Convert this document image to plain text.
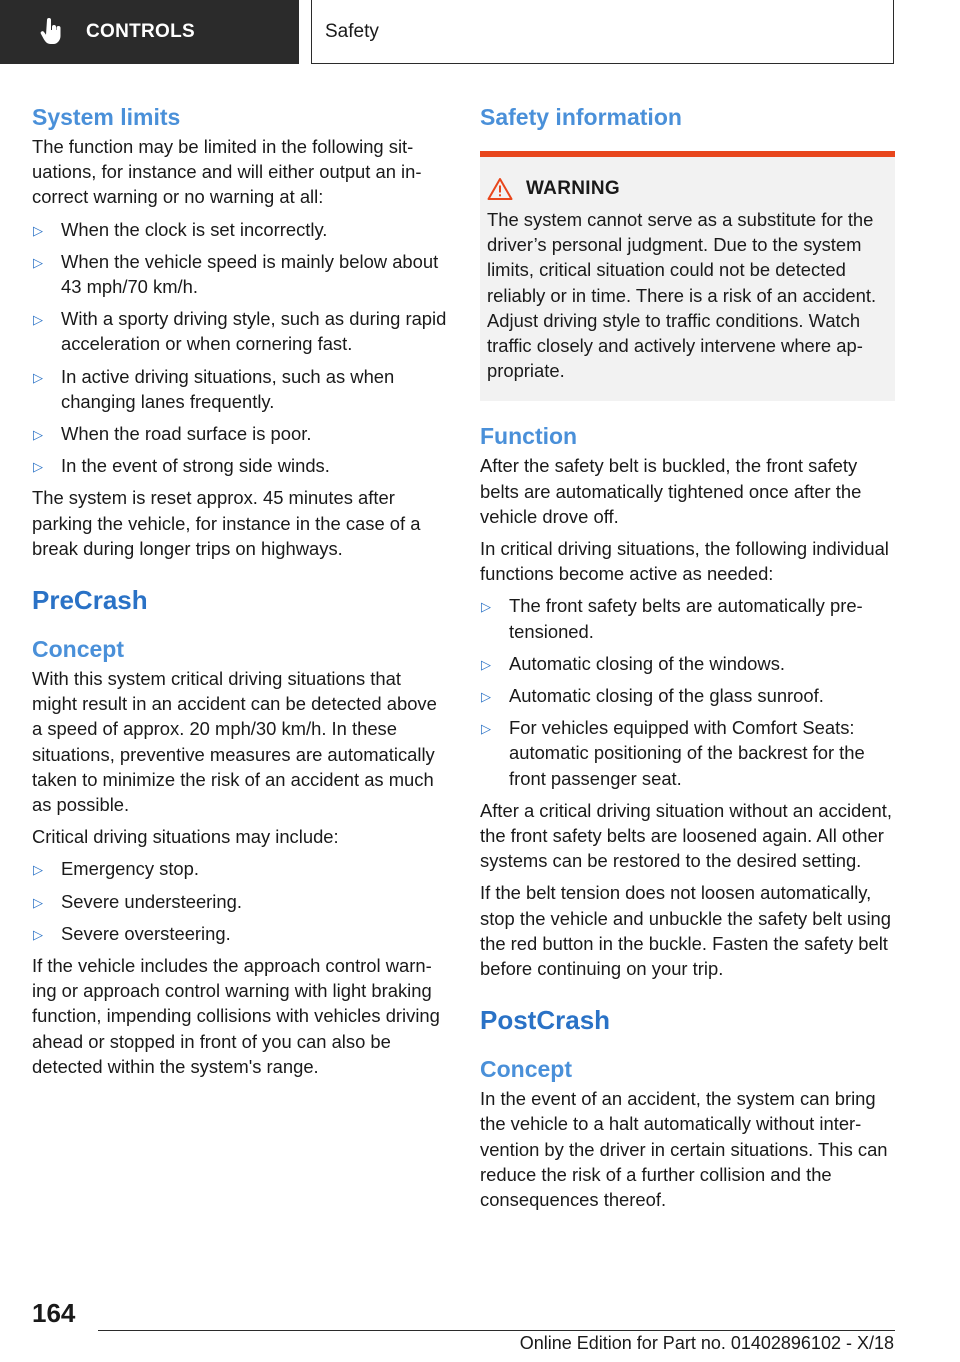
CONTROLS	Safety
System limits

The function may be limited in the following situations, for instance and will either output an incorrect warning or no warning at all:

▷ When the clock is set incorrectly.
▷ When the vehicle speed is mainly below about 43 mph/70 km/h.
▷ With a sporty driving style, such as during rapid acceleration or when cornering fast.
▷ In active driving situations, such as when changing lanes frequently.
▷ When the road surface is poor.
▷ In the event of strong side winds.

The system is reset approx. 45 minutes after parking the vehicle, for instance in the case of a break during longer trips on highways.

PreCrash
Concept

With this system critical driving situations that might result in an accident can be detected above a speed of approx. 20 mph/30 km/h. In these situations, preventive measures are automatically taken to minimize the risk of an accident as much as possible.

Critical driving situations may include:

▷ Emergency stop.
▷ Severe understeering.
▷ Severe oversteering.

If the vehicle includes the approach control warning or approach control warning with light braking function, impending collisions with vehicles driving ahead or stopped in front of you can also be detected within the system's range.

Safety information
WARNING

The system cannot serve as a substitute for the driver’s personal judgment. Due to the system limits, critical situation could not be detected reliably or in time. There is a risk of an accident. Adjust driving style to traffic conditions. Watch traffic closely and actively intervene where appropriate.

Function

After the safety belt is buckled, the front safety belts are automatically tightened once after the vehicle drove off.

In critical driving situations, the following individual functions become active as needed:

▷ The front safety belts are automatically pretensioned.
▷ Automatic closing of the windows.
▷ Automatic closing of the glass sunroof.
▷ For vehicles equipped with Comfort Seats: automatic positioning of the backrest for the front passenger seat.

After a critical driving situation without an accident, the front safety belts are loosened again. All other systems can be restored to the desired setting.

If the belt tension does not loosen automatically, stop the vehicle and unbuckle the safety belt using the red button in the buckle. Fasten the safety belt before continuing on your trip.

PostCrash
Concept

In the event of an accident, the system can bring the vehicle to a halt automatically without intervention by the driver in certain situations. This can reduce the risk of a further collision and the consequences thereof.

164
Online Edition for Part no. 01402896102 - X/18
